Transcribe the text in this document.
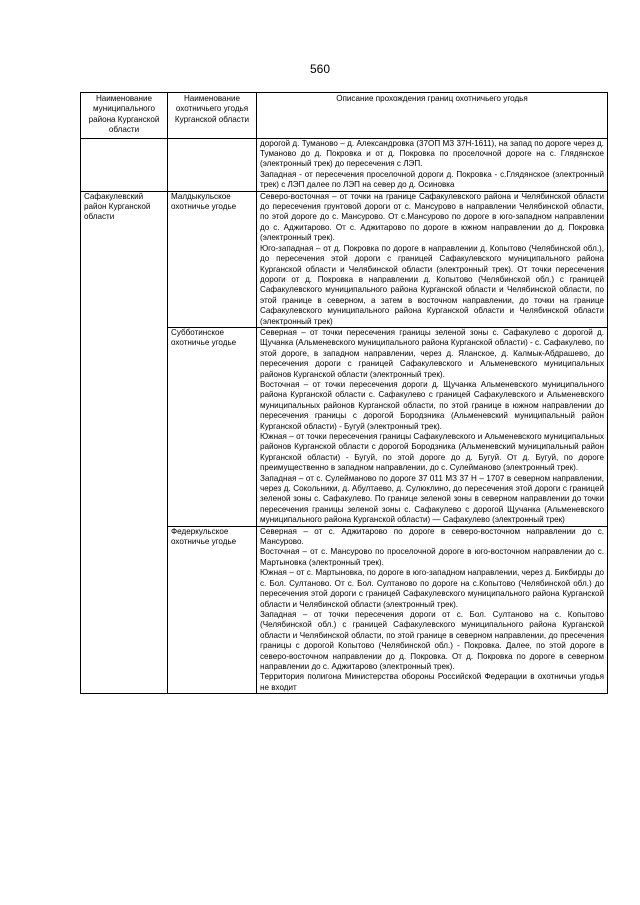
560
Наименование муниципального района Курганской области	Наименование охотничьего угодья Курганской области	Описание прохождения границ охотничьего угодья

		дорогой д. Туманово – д. Александровка (37ОП МЗ 37Н-1611), на запад по дороге через д. Туманово до д. Покровка и от д. Покровка по проселочной дороге на с. Глядянское (электронный трек) до пересечения с ЛЭП.

Западная - от пересечения проселочной дороги д. Покровка - с.Глядянское (электронный трек) с ЛЭП далее по ЛЭП на север до д. Осиновка

Сафакулевский район Курганской области	Малдыкульское охотничье угодье	Северо-восточная – от точки на границе Сафакулевского района и Челябинской области до пересечения грунтовой дороги от с. Мансурово в направлении Челябинской области, по этой дороге до с. Мансурово. От с.Мансурово по дороге в юго-западном направлении до с. Аджитарово. От с. Аджитарово по дороге в южном направлении до д. Покровка (электронный трек).

Юго-западная – от д. Покровка по дороге в направлении д. Копытово (Челябинской обл.), до пересечения этой дороги с границей Сафакулевского муниципального района Курганской области и Челябинской области (электронный трек). От точки пересечения дороги от д. Покровка в направлении д. Копытово (Челябинской обл.) с границей Сафакулевского муниципального района Курганской области и Челябинской области, по этой границе в северном, а затем в восточном направлении, до точки на границе Сафакулевского муниципального района Курганской области и Челябинской области (электронный трек)

	Субботинское охотничье угодье	Северная – от точки пересечения границы зеленой зоны с. Сафакулево с дорогой д. Щучанка (Альменевского муниципального района Курганской области) - с. Сафакулево, по этой дороге, в западном направлении, через д. Яланское, д. Калмык-Абдрашево, до пересечения дороги с границей Сафакулевского и Альменевского муниципальных районов Курганской области (электронный трек).

Восточная – от точки пересечения дороги д. Щучанка Альменевского муниципального района Курганской области с. Сафакулево с границей Сафакулевского и Альменевского муниципальных районов Курганской области, по этой границе в южном направлении до пересечения границы с дорогой Бородзника (Альменевский муниципальный район Курганской области) - Бугуй (электронный трек).

Южная – от точки пересечения границы Сафакулевского и Альменевского муниципальных районов Курганской области с дорогой Бородзника (Альменевский муниципальный район Курганской области) - Бугуй, по этой дороге до д. Бугуй. От д. Бугуй, по дороге преимущественно в западном направлении, до с. Сулейманово (электронный трек).

Западная – от с. Сулейманово по дороге 37 011 МЗ 37 Н – 1707 в северном направлении, через д. Сокольники, д. Абултаево, д. Сулюклино, до пересечения этой дороги с границей зеленой зоны с. Сафакулево. По границе зеленой зоны в северном направлении до точки пересечения границы зеленой зоны с. Сафакулево с дорогой Щучанка (Альменевского муниципального района Курганской области) — Сафакулево (электронный трек)

	Федеркульское охотничье угодье	Северная – от с. Аджитарово по дороге в северо-восточном направлении до с. Мансурово.

Восточная – от с. Мансурово по проселочной дороге в юго-восточном направлении до с. Мартыновка (электронный трек).

Южная – от с. Мартыновка, по дороге в юго-западном направлении, через д. Бикбирды до с. Бол. Султаново. От с. Бол. Султаново по дороге на с.Копытово (Челябинской обл.) до пересечения этой дороги с границей Сафакулевского муниципального района Курганской области и Челябинской области (электронный трек).

Западная – от точки пересечения дороги от с. Бол. Султаново на с. Копытово (Челябинской обл.) с границей Сафакулевского муниципального района Курганской области и Челябинской области, по этой границе в северном направлении, до пресечения границы с дорогой Копытово (Челябинской обл.) - Покровка. Далее, по этой дороге в северо-восточном направлении до д. Покровка. От д. Покровка по дороге в северном направлении до с. Аджитарово (электронный трек).

Территория полигона Министерства обороны Российской Федерации в охотничьи угодья не входит
